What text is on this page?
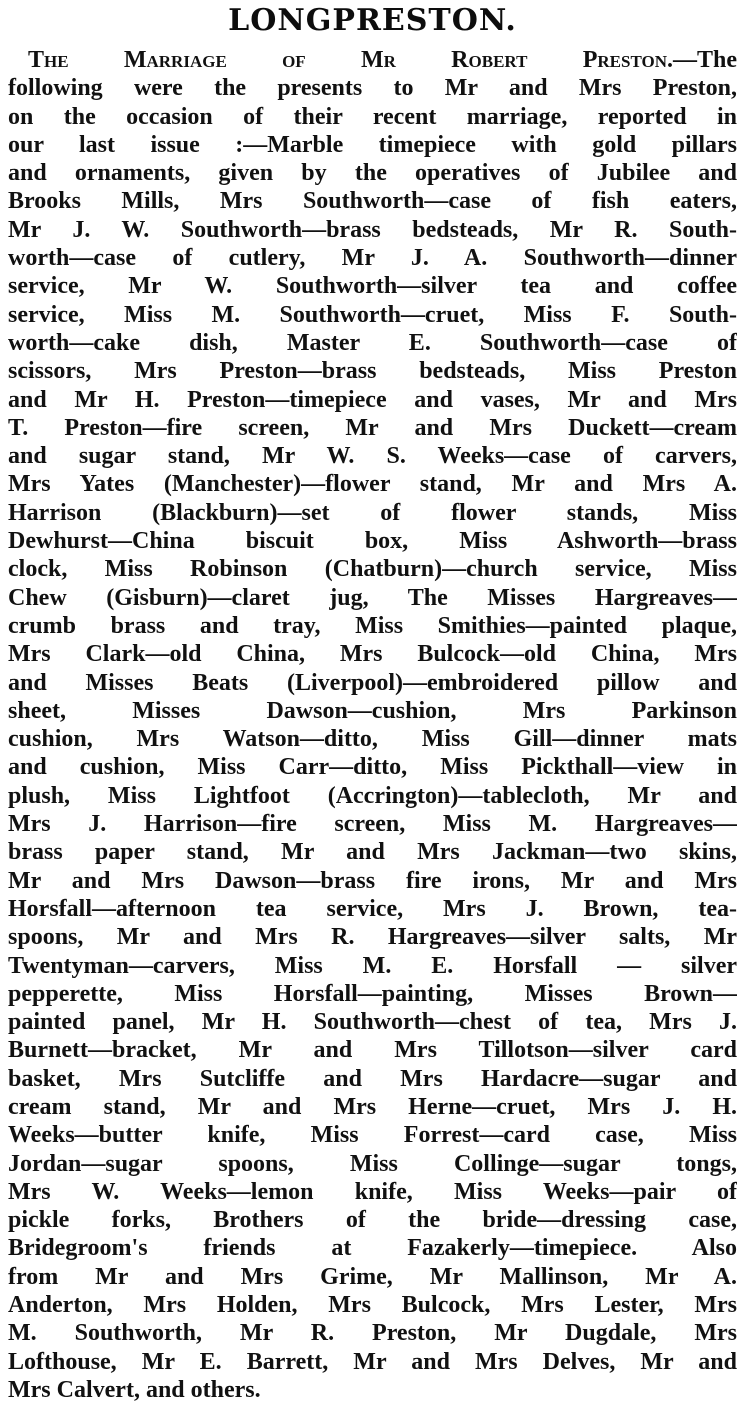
LONGPRESTON.
The Marriage of Mr Robert Preston.—The
following were the presents to Mr and Mrs Preston,
on the occasion of their recent marriage, reported in
our last issue :—Marble timepiece with gold pillars
and ornaments, given by the operatives of Jubilee and
Brooks Mills, Mrs Southworth—case of fish eaters,
Mr J. W. Southworth—brass bedsteads, Mr R. South-
worth—case of cutlery, Mr J. A. Southworth—dinner
service, Mr W. Southworth—silver tea and coffee
service, Miss M. Southworth—cruet, Miss F. South-
worth—cake dish, Master E. Southworth—case of
scissors, Mrs Preston—brass bedsteads, Miss Preston
and Mr H. Preston—timepiece and vases, Mr and Mrs
T. Preston—fire screen, Mr and Mrs Duckett—cream
and sugar stand, Mr W. S. Weeks—case of carvers,
Mrs Yates (Manchester)—flower stand, Mr and Mrs A.
Harrison (Blackburn)—set of flower stands, Miss
Dewhurst—China biscuit box, Miss Ashworth—brass
clock, Miss Robinson (Chatburn)—church service, Miss
Chew (Gisburn)—claret jug, The Misses Hargreaves—
crumb brass and tray, Miss Smithies—painted plaque,
Mrs Clark—old China, Mrs Bulcock—old China, Mrs
and Misses Beats (Liverpool)—embroidered pillow and
sheet, Misses Dawson—cushion, Mrs Parkinson
cushion, Mrs Watson—ditto, Miss Gill—dinner mats
and cushion, Miss Carr—ditto, Miss Pickthall—view in
plush, Miss Lightfoot (Accrington)—tablecloth, Mr and
Mrs J. Harrison—fire screen, Miss M. Hargreaves—
brass paper stand, Mr and Mrs Jackman—two skins,
Mr and Mrs Dawson—brass fire irons, Mr and Mrs
Horsfall—afternoon tea service, Mrs J. Brown, tea-
spoons, Mr and Mrs R. Hargreaves—silver salts, Mr
Twentyman—carvers, Miss M. E. Horsfall — silver
pepperette, Miss Horsfall—painting, Misses Brown—
painted panel, Mr H. Southworth—chest of tea, Mrs J.
Burnett—bracket, Mr and Mrs Tillotson—silver card
basket, Mrs Sutcliffe and Mrs Hardacre—sugar and
cream stand, Mr and Mrs Herne—cruet, Mrs J. H.
Weeks—butter knife, Miss Forrest—card case, Miss
Jordan—sugar spoons, Miss Collinge—sugar tongs,
Mrs W. Weeks—lemon knife, Miss Weeks—pair of
pickle forks, Brothers of the bride—dressing case,
Bridegroom's friends at Fazakerly—timepiece. Also
from Mr and Mrs Grime, Mr Mallinson, Mr A.
Anderton, Mrs Holden, Mrs Bulcock, Mrs Lester, Mrs
M. Southworth, Mr R. Preston, Mr Dugdale, Mrs
Lofthouse, Mr E. Barrett, Mr and Mrs Delves, Mr and
Mrs Calvert, and others.
